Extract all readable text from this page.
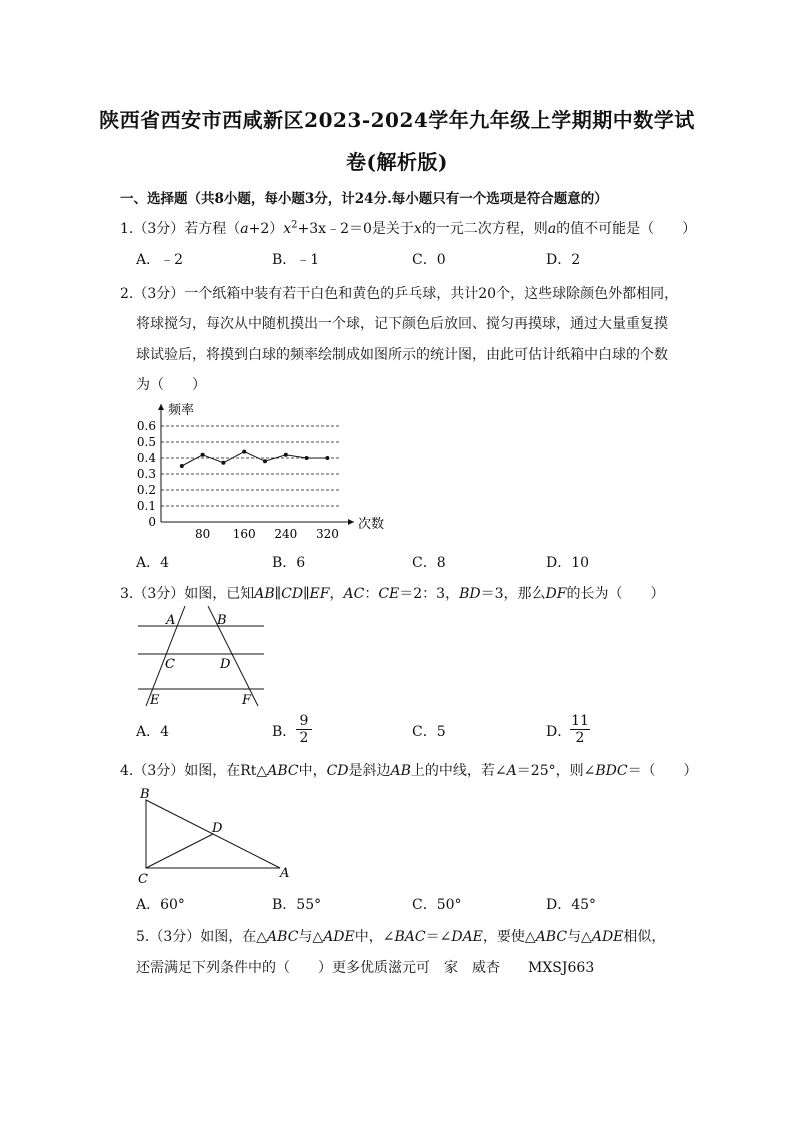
陕西省西安市西咸新区2023-2024学年九年级上学期期中数学试
卷(解析版)
一、选择题（共8小题，每小题3分，计24分.每小题只有一个选项是符合题意的）
1.（3分）若方程$(a+2)x^2+3x﹣2=0$是关于x的一元二次方程，则a的值不可能是（　　）
A．﹣2	B．﹣1	C．0	D．2
2.（3分）一个纸箱中装有若干白色和黄色的乒乓球，共计20个，这些球除颜色外都相同，
将球搅匀，每次从中随机摸出一个球，记下颜色后放回、搅匀再摸球，通过大量重复摸
球试验后，将摸到白球的频率绘制成如图所示的统计图，由此可估计纸箱中白球的个数
为（　　）
频率
次数
0.6
0.5
0.4
0.3
0.2
0.1
0
80 160 240 320
A．4	B．6	C．8	D．10
3.（3分）如图，已知AB∥CD∥EF，AC：CE＝2：3，BD＝3，那么DF的长为（　　）
A	B
C	D
E	F
A．4	B． $\frac{9}{2}$	C．5	D．
$\frac{11}{2}$
4.（3分）如图，在Rt△ABC中，CD是斜边AB上的中线，若∠A＝25°，则∠BDC＝（　　）
B
D
C	A
A．60°	B．55°	C．50°	D．45°
5.（3分）如图，在△ABC与△ADE中，∠BAC＝∠DAE，要使△ABC与△ADE相似，
还需满足下列条件中的（　　）更多优质滋元可　家　威杏　　MXSJ663
